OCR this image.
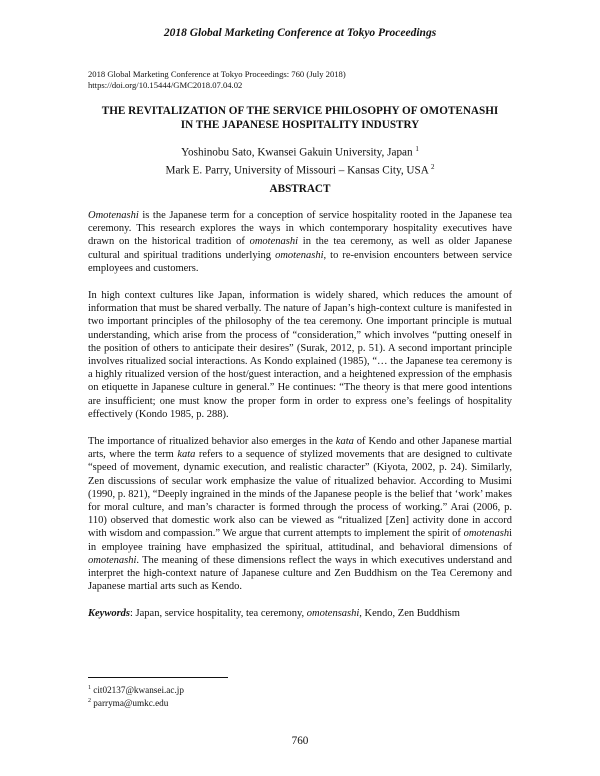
2018 Global Marketing Conference at Tokyo Proceedings
2018 Global Marketing Conference at Tokyo Proceedings: 760 (July 2018)
https://doi.org/10.15444/GMC2018.07.04.02
THE REVITALIZATION OF THE SERVICE PHILOSOPHY OF OMOTENASHI
IN THE JAPANESE HOSPITALITY INDUSTRY
Yoshinobu Sato, Kwansei Gakuin University, Japan $^1$
Mark E. Parry, University of Missouri – Kansas City, USA $^2$
ABSTRACT

Omotenashi is the Japanese term for a conception of service hospitality rooted in the Japanese tea ceremony. This research explores the ways in which contemporary hospitality executives have drawn on the historical tradition of omotenashi in the tea ceremony, as well as older Japanese cultural and spiritual traditions underlying omotenashi, to re-envision encounters between service employees and customers.

In high context cultures like Japan, information is widely shared, which reduces the amount of information that must be shared verbally. The nature of Japan’s high-context culture is manifested in two important principles of the philosophy of the tea ceremony. One important principle is mutual understanding, which arise from the process of “consideration,” which involves “putting oneself in the position of others to anticipate their desires” (Surak, 2012, p. 51). A second important principle involves ritualized social interactions. As Kondo explained (1985), “… the Japanese tea ceremony is a highly ritualized version of the host/guest interaction, and a heightened expression of the emphasis on etiquette in Japanese culture in general.” He continues: “The theory is that mere good intentions are insufficient; one must know the proper form in order to express one’s feelings of hospitality effectively (Kondo 1985, p. 288).

The importance of ritualized behavior also emerges in the kata of Kendo and other Japanese martial arts, where the term kata refers to a sequence of stylized movements that are designed to cultivate “speed of movement, dynamic execution, and realistic character” (Kiyota, 2002, p. 24). Similarly, Zen discussions of secular work emphasize the value of ritualized behavior. According to Musimi (1990, p. 821), “Deeply ingrained in the minds of the Japanese people is the belief that ‘work’ makes for moral culture, and man’s character is formed through the process of working.” Arai (2006, p. 110) observed that domestic work also can be viewed as “ritualized [Zen] activity done in accord with wisdom and compassion.” We argue that current attempts to implement the spirit of omotenashi in employee training have emphasized the spiritual, attitudinal, and behavioral dimensions of omotenashi. The meaning of these dimensions reflect the ways in which executives understand and interpret the high-context nature of Japanese culture and Zen Buddhism on the Tea Ceremony and Japanese martial arts such as Kendo.

Keywords: Japan, service hospitality, tea ceremony, omotensashi, Kendo, Zen Buddhism

$^1$ cit02137@kwansei.ac.jp
$^2$ parryma@umkc.edu
760
